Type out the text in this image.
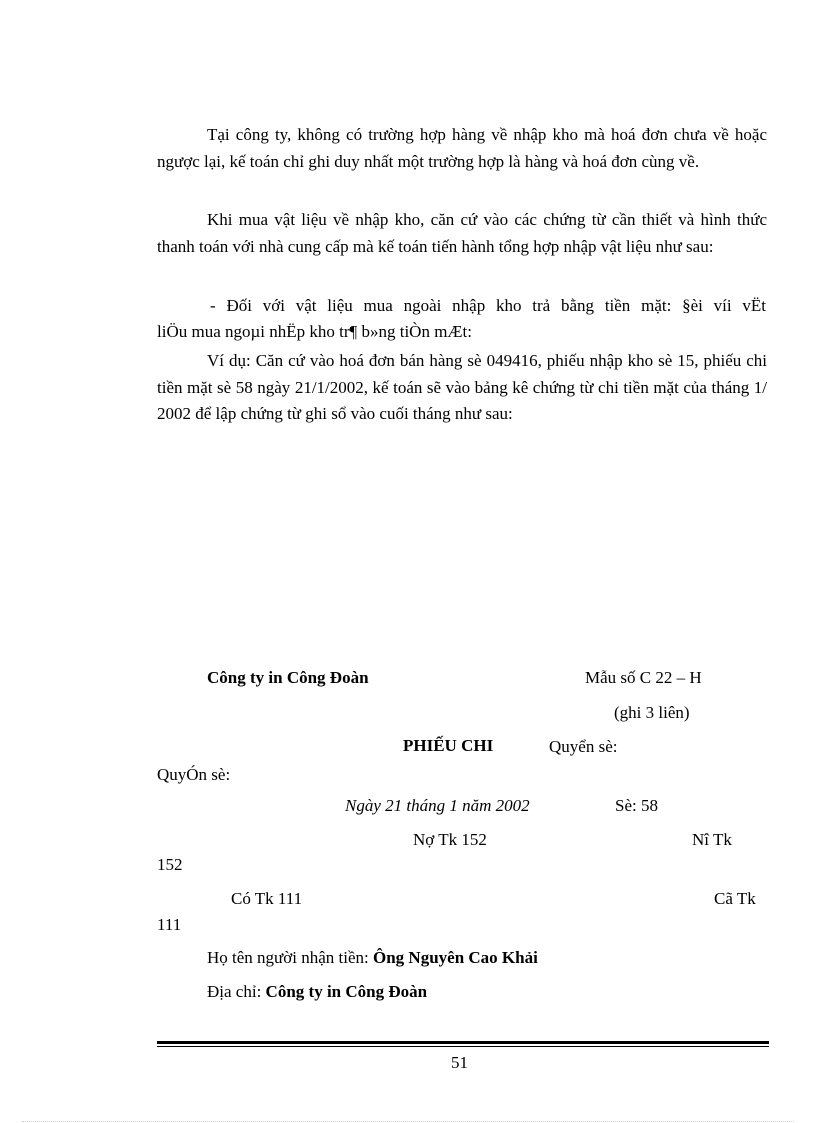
Tại công ty, không có trường hợp hàng về nhập kho mà hoá đơn chưa về hoặc ngược lại, kế toán chỉ ghi duy nhất một trường hợp là hàng và hoá đơn cùng về.
Khi mua vật liệu về nhập kho, căn cứ vào các chứng từ cần thiết và hình thức thanh toán với nhà cung cấp mà kế toán tiến hành tổng hợp nhập vật liệu như sau:
- Đối với vật liệu mua ngoài nhập kho trả bằng tiền mặt: §èi víi vËt
liÖu mua ngoµi nhËp kho tr¶ b»ng tiÒn mÆt:
Ví dụ: Căn cứ vào hoá đơn bán hàng sè 049416, phiếu nhập kho sè 15, phiếu chi tiền mặt sè 58 ngày 21/1/2002, kế toán sẽ vào bảng kê chứng từ chi tiền mặt của tháng 1/ 2002 để lập chứng từ ghi sổ vào cuối tháng như sau:
Công ty in Công Đoàn	Mẫu số C 22 – H
(ghi 3 liên)
PHIẾU CHI	Quyển sè:
QuyÓn sè:
Ngày 21 tháng 1 năm 2002	Sè: 58
Nợ Tk 152	Nî Tk
152
Có Tk 111	Cã Tk
111
Họ tên người nhận tiền: Ông Nguyên Cao Khải
Địa chỉ: Công ty in Công Đoàn
51
